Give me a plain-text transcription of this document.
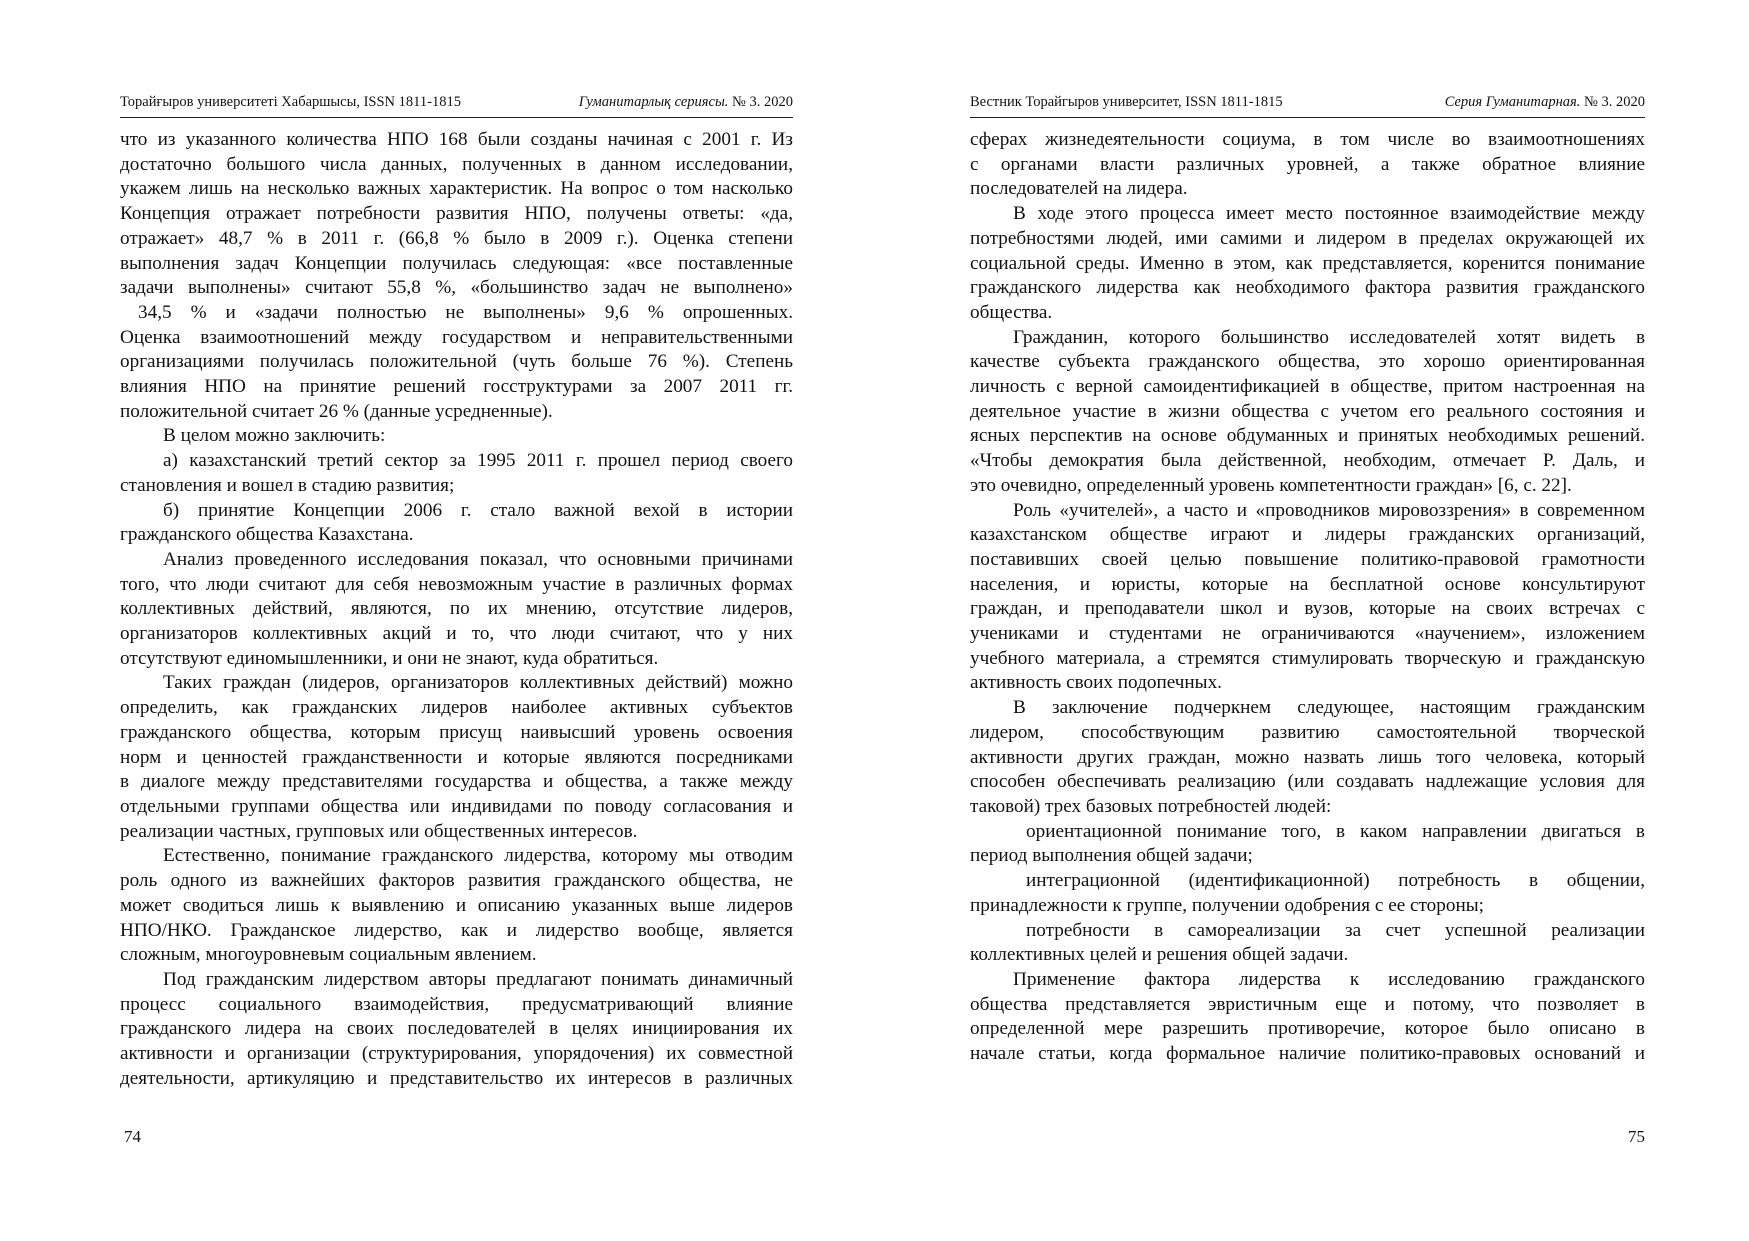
Торайғыров университеті Хабаршысы, ISSN 1811-1815	Гуманитарлық сериясы. № 3. 2020

что из указанного количества НПО 168 были созданы начиная с 2001 г. Из

достаточно большого числа данных, полученных в данном исследовании,

укажем лишь на несколько важных характеристик. На вопрос о том насколько

Концепция отражает потребности развития НПО, получены ответы: «да,

отражает» 48,7 % в 2011 г. (66,8 % было в 2009 г.). Оценка степени

выполнения задач Концепции получилась следующая: «все поставленные

задачи выполнены» считают 55,8 %, «большинство задач не выполнено»

34,5 % и «задачи полностью не выполнены» 9,6 % опрошенных.

Оценка взаимоотношений между государством и неправительственными

организациями получилась положительной (чуть больше 76 %). Степень

влияния НПО на принятие решений госструктурами за 2007 2011 гг.

положительной считает 26 % (данные усредненные).

В целом можно заключить:

а) казахстанский третий сектор за 1995 2011 г. прошел период своего

становления и вошел в стадию развития;

б) принятие Концепции 2006 г. стало важной вехой в истории

гражданского общества Казахстана.

Анализ проведенного исследования показал, что основными причинами

того, что люди считают для себя невозможным участие в различных формах

коллективных действий, являются, по их мнению, отсутствие лидеров,

организаторов коллективных акций и то, что люди считают, что у них

отсутствуют единомышленники, и они не знают, куда обратиться.

Таких граждан (лидеров, организаторов коллективных действий) можно

определить, как гражданских лидеров наиболее активных субъектов

гражданского общества, которым присущ наивысший уровень освоения

норм и ценностей гражданственности и которые являются посредниками

в диалоге между представителями государства и общества, а также между

отдельными группами общества или индивидами по поводу согласования и

реализации частных, групповых или общественных интересов.

Естественно, понимание гражданского лидерства, которому мы отводим

роль одного из важнейших факторов развития гражданского общества, не

может сводиться лишь к выявлению и описанию указанных выше лидеров

НПО/НКО. Гражданское лидерство, как и лидерство вообще, является

сложным, многоуровневым социальным явлением.

Под гражданским лидерством авторы предлагают понимать динамичный

процесс социального взаимодействия, предусматривающий влияние

гражданского лидера на своих последователей в целях инициирования их

активности и организации (структурирования, упорядочения) их совместной

деятельности, артикуляцию и представительство их интересов в различных

74
Вестник Торайгыров университет, ISSN 1811-1815	Серия Гуманитарная. № 3. 2020

сферах жизнедеятельности социума, в том числе во взаимоотношениях

с органами власти различных уровней, а также обратное влияние

последователей на лидера.

В ходе этого процесса имеет место постоянное взаимодействие между

потребностями людей, ими самими и лидером в пределах окружающей их

социальной среды. Именно в этом, как представляется, коренится понимание

гражданского лидерства как необходимого фактора развития гражданского

общества.

Гражданин, которого большинство исследователей хотят видеть в

качестве субъекта гражданского общества, это хорошо ориентированная

личность с верной самоидентификацией в обществе, притом настроенная на

деятельное участие в жизни общества с учетом его реального состояния и

ясных перспектив на основе обдуманных и принятых необходимых решений.

«Чтобы демократия была действенной, необходим, отмечает Р. Даль, и

это очевидно, определенный уровень компетентности граждан» [6, с. 22].

Роль «учителей», а часто и «проводников мировоззрения» в современном

казахстанском обществе играют и лидеры гражданских организаций,

поставивших своей целью повышение политико-правовой грамотности

населения, и юристы, которые на бесплатной основе консультируют

граждан, и преподаватели школ и вузов, которые на своих встречах с

учениками и студентами не ограничиваются «научением», изложением

учебного материала, а стремятся стимулировать творческую и гражданскую

активность своих подопечных.

В заключение подчеркнем следующее, настоящим гражданским

лидером, способствующим развитию самостоятельной творческой

активности других граждан, можно назвать лишь того человека, который

способен обеспечивать реализацию (или создавать надлежащие условия для

таковой) трех базовых потребностей людей:

ориентационной понимание того, в каком направлении двигаться в

период выполнения общей задачи;

интеграционной (идентификационной) потребность в общении,

принадлежности к группе, получении одобрения с ее стороны;

потребности в самореализации за счет успешной реализации

коллективных целей и решения общей задачи.

Применение фактора лидерства к исследованию гражданского

общества представляется эвристичным еще и потому, что позволяет в

определенной мере разрешить противоречие, которое было описано в

начале статьи, когда формальное наличие политико-правовых оснований и

75
